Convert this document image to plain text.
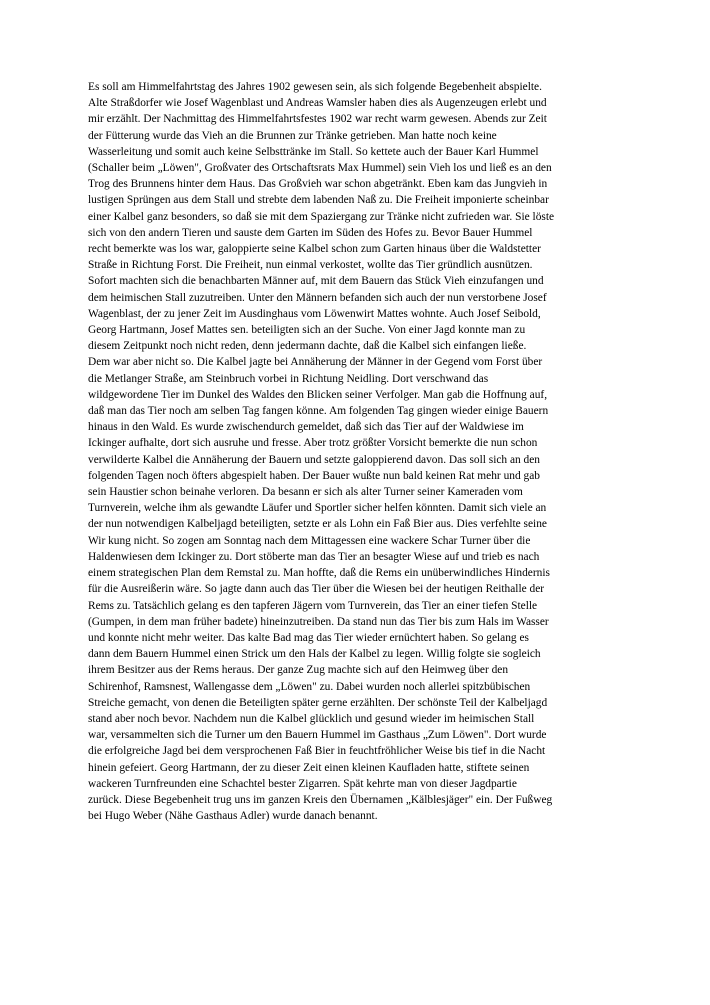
Es soll am Himmelfahrtstag des Jahres 1902 gewesen sein, als sich folgende Begebenheit abspielte.
Alte Straßdorfer wie Josef Wagenblast und Andreas Wamsler haben dies als Augenzeugen erlebt und
mir erzählt. Der Nachmittag des Himmelfahrtsfestes 1902 war recht warm gewesen. Abends zur Zeit
der Fütterung wurde das Vieh an die Brunnen zur Tränke getrieben. Man hatte noch keine
Wasserleitung und somit auch keine Selbsttränke im Stall. So kettete auch der Bauer Karl Hummel
(Schaller beim „Löwen", Großvater des Ortschaftsrats Max Hummel) sein Vieh los und ließ es an den
Trog des Brunnens hinter dem Haus. Das Großvieh war schon abgetränkt. Eben kam das Jungvieh in
lustigen Sprüngen aus dem Stall und strebte dem labenden Naß zu. Die Freiheit imponierte scheinbar
einer Kalbel ganz besonders, so daß sie mit dem Spaziergang zur Tränke nicht zufrieden war. Sie löste
sich von den andern Tieren und sauste dem Garten im Süden des Hofes zu. Bevor Bauer Hummel
recht bemerkte was los war, galoppierte seine Kalbel schon zum Garten hinaus über die Waldstetter
Straße in Richtung Forst. Die Freiheit, nun einmal verkostet, wollte das Tier gründlich ausnützen.
Sofort machten sich die benachbarten Männer auf, mit dem Bauern das Stück Vieh einzufangen und
dem heimischen Stall zuzutreiben. Unter den Männern befanden sich auch der nun verstorbene Josef
Wagenblast, der zu jener Zeit im Ausdinghaus vom Löwenwirt Mattes wohnte. Auch Josef Seibold,
Georg Hartmann, Josef Mattes sen. beteiligten sich an der Suche. Von einer Jagd konnte man zu
diesem Zeitpunkt noch nicht reden, denn jedermann dachte, daß die Kalbel sich einfangen ließe.
Dem war aber nicht so. Die Kalbel jagte bei Annäherung der Männer in der Gegend vom Forst über
die Metlanger Straße, am Steinbruch vorbei in Richtung Neidling. Dort verschwand das
wildgewordene Tier im Dunkel des Waldes den Blicken seiner Verfolger. Man gab die Hoffnung auf,
daß man das Tier noch am selben Tag fangen könne. Am folgenden Tag gingen wieder einige Bauern
hinaus in den Wald. Es wurde zwischendurch gemeldet, daß sich das Tier auf der Waldwiese im
Ickinger aufhalte, dort sich ausruhe und fresse. Aber trotz größter Vorsicht bemerkte die nun schon
verwilderte Kalbel die Annäherung der Bauern und setzte galoppierend davon. Das soll sich an den
folgenden Tagen noch öfters abgespielt haben. Der Bauer wußte nun bald keinen Rat mehr und gab
sein Haustier schon beinahe verloren. Da besann er sich als alter Turner seiner Kameraden vom
Turnverein, welche ihm als gewandte Läufer und Sportler sicher helfen könnten. Damit sich viele an
der nun notwendigen Kalbeljagd beteiligten, setzte er als Lohn ein Faß Bier aus. Dies verfehlte seine
Wir kung nicht. So zogen am Sonntag nach dem Mittagessen eine wackere Schar Turner über die
Haldenwiesen dem Ickinger zu. Dort stöberte man das Tier an besagter Wiese auf und trieb es nach
einem strategischen Plan dem Remstal zu. Man hoffte, daß die Rems ein unüberwindliches Hindernis
für die Ausreißerin wäre. So jagte dann auch das Tier über die Wiesen bei der heutigen Reithalle der
Rems zu. Tatsächlich gelang es den tapferen Jägern vom Turnverein, das Tier an einer tiefen Stelle
(Gumpen, in dem man früher badete) hineinzutreiben. Da stand nun das Tier bis zum Hals im Wasser
und konnte nicht mehr weiter. Das kalte Bad mag das Tier wieder ernüchtert haben. So gelang es
dann dem Bauern Hummel einen Strick um den Hals der Kalbel zu legen. Willig folgte sie sogleich
ihrem Besitzer aus der Rems heraus. Der ganze Zug machte sich auf den Heimweg über den
Schirenhof, Ramsnest, Wallengasse dem „Löwen" zu. Dabei wurden noch allerlei spitzbübischen
Streiche gemacht, von denen die Beteiligten später gerne erzählten. Der schönste Teil der Kalbeljagd
stand aber noch bevor. Nachdem nun die Kalbel glücklich und gesund wieder im heimischen Stall
war, versammelten sich die Turner um den Bauern Hummel im Gasthaus „Zum Löwen". Dort wurde
die erfolgreiche Jagd bei dem versprochenen Faß Bier in feuchtfröhlicher Weise bis tief in die Nacht
hinein gefeiert. Georg Hartmann, der zu dieser Zeit einen kleinen Kaufladen hatte, stiftete seinen
wackeren Turnfreunden eine Schachtel bester Zigarren. Spät kehrte man von dieser Jagdpartie
zurück. Diese Begebenheit trug uns im ganzen Kreis den Übernamen „Kälblesjäger" ein. Der Fußweg
bei Hugo Weber (Nähe Gasthaus Adler) wurde danach benannt.
